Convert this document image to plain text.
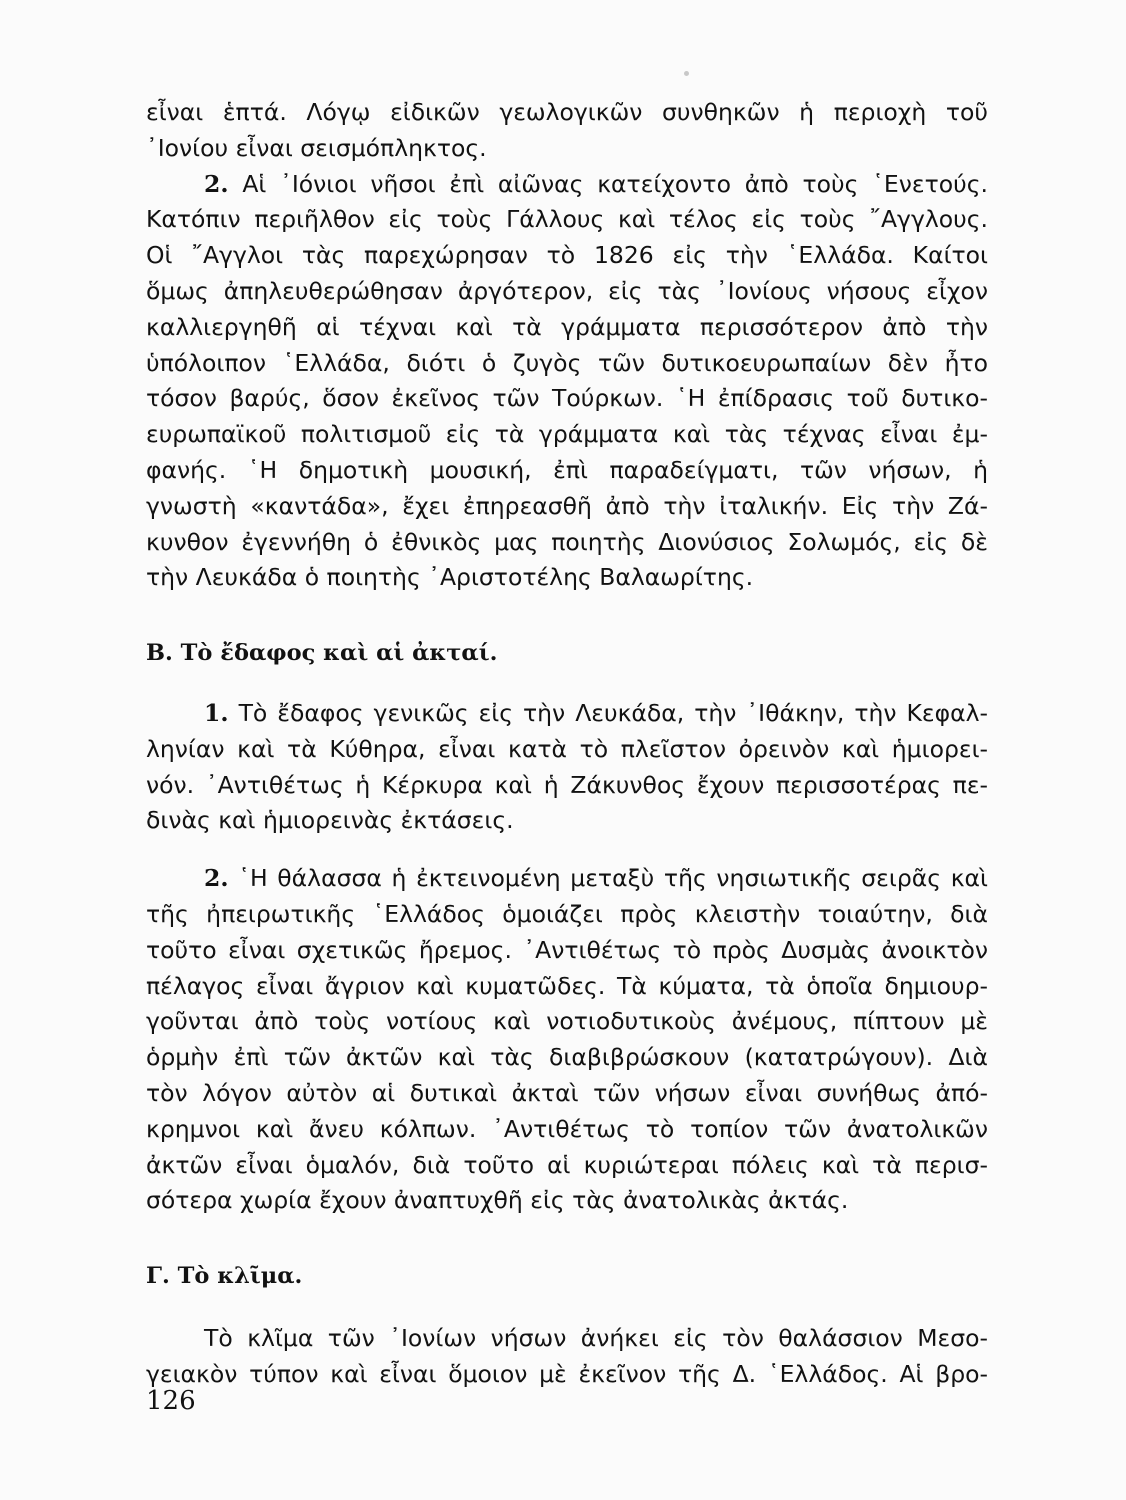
εἶναι ἑπτά. Λόγῳ εἰδικῶν γεωλογικῶν συνθηκῶν ἡ περιοχὴ τοῦ
᾿Ιονίου εἶναι σεισμόπληκτος.
2. Αἱ ᾿Ιόνιοι νῆσοι ἐπὶ αἰῶνας κατείχοντο ἀπὸ τοὺς ῾Ενετούς.
Κατόπιν περιῆλθον εἰς τοὺς Γάλλους καὶ τέλος εἰς τοὺς ῎Αγγλους.
Οἱ ῎Αγγλοι τὰς παρεχώρησαν τὸ 1826 εἰς τὴν ῾Ελλάδα. Καίτοι
ὅμως ἀπηλευθερώθησαν ἀργότερον, εἰς τὰς ᾿Ιονίους νήσους εἶχον
καλλιεργηθῆ αἱ τέχναι καὶ τὰ γράμματα περισσότερον ἀπὸ τὴν
ὑπόλοιπον ῾Ελλάδα, διότι ὁ ζυγὸς τῶν δυτικοευρωπαίων δὲν ἦτο
τόσον βαρύς, ὅσον ἐκεῖνος τῶν Τούρκων. ῾Η ἐπίδρασις τοῦ δυτικο-
ευρωπαϊκοῦ πολιτισμοῦ εἰς τὰ γράμματα καὶ τὰς τέχνας εἶναι ἐμ-
φανής. ῾Η δημοτικὴ μουσική, ἐπὶ παραδείγματι, τῶν νήσων, ἡ
γνωστὴ «καντάδα», ἔχει ἐπηρεασθῆ ἀπὸ τὴν ἰταλικήν. Εἰς τὴν Ζά-
κυνθον ἐγεννήθη ὁ ἐθνικὸς μας ποιητὴς Διονύσιος Σολωμός, εἰς δὲ
τὴν Λευκάδα ὁ ποιητὴς ᾿Αριστοτέλης Βαλαωρίτης.
Β. Τὸ ἔδαφος καὶ αἱ ἀκταί.
1. Τὸ ἔδαφος γενικῶς εἰς τὴν Λευκάδα, τὴν ᾿Ιθάκην, τὴν Κεφαλ-
ληνίαν καὶ τὰ Κύθηρα, εἶναι κατὰ τὸ πλεῖστον ὀρεινὸν καὶ ἡμιορει-
νόν. ᾿Αντιθέτως ἡ Κέρκυρα καὶ ἡ Ζάκυνθος ἔχουν περισσοτέρας πε-
δινὰς καὶ ἡμιορεινὰς ἐκτάσεις.
2. ῾Η θάλασσα ἡ ἐκτεινομένη μεταξὺ τῆς νησιωτικῆς σειρᾶς καὶ
τῆς ἠπειρωτικῆς ῾Ελλάδος ὁμοιάζει πρὸς κλειστὴν τοιαύτην, διὰ
τοῦτο εἶναι σχετικῶς ἤρεμος. ᾿Αντιθέτως τὸ πρὸς Δυσμὰς ἀνοικτὸν
πέλαγος εἶναι ἄγριον καὶ κυματῶδες. Τὰ κύματα, τὰ ὁποῖα δημιουρ-
γοῦνται ἀπὸ τοὺς νοτίους καὶ νοτιοδυτικοὺς ἀνέμους, πίπτουν μὲ
ὁρμὴν ἐπὶ τῶν ἀκτῶν καὶ τὰς διαβιβρώσκουν (κατατρώγουν). Διὰ
τὸν λόγον αὐτὸν αἱ δυτικαὶ ἀκταὶ τῶν νήσων εἶναι συνήθως ἀπό-
κρημνοι καὶ ἄνευ κόλπων. ᾿Αντιθέτως τὸ τοπίον τῶν ἀνατολικῶν
ἀκτῶν εἶναι ὁμαλόν, διὰ τοῦτο αἱ κυριώτεραι πόλεις καὶ τὰ περισ-
σότερα χωρία ἔχουν ἀναπτυχθῆ εἰς τὰς ἀνατολικὰς ἀκτάς.
Γ. Τὸ κλῖμα.
Τὸ κλῖμα τῶν ᾿Ιονίων νήσων ἀνήκει εἰς τὸν θαλάσσιον Μεσο-
γειακὸν τύπον καὶ εἶναι ὅμοιον μὲ ἐκεῖνον τῆς Δ. ῾Ελλάδος. Αἱ βρο-
126
